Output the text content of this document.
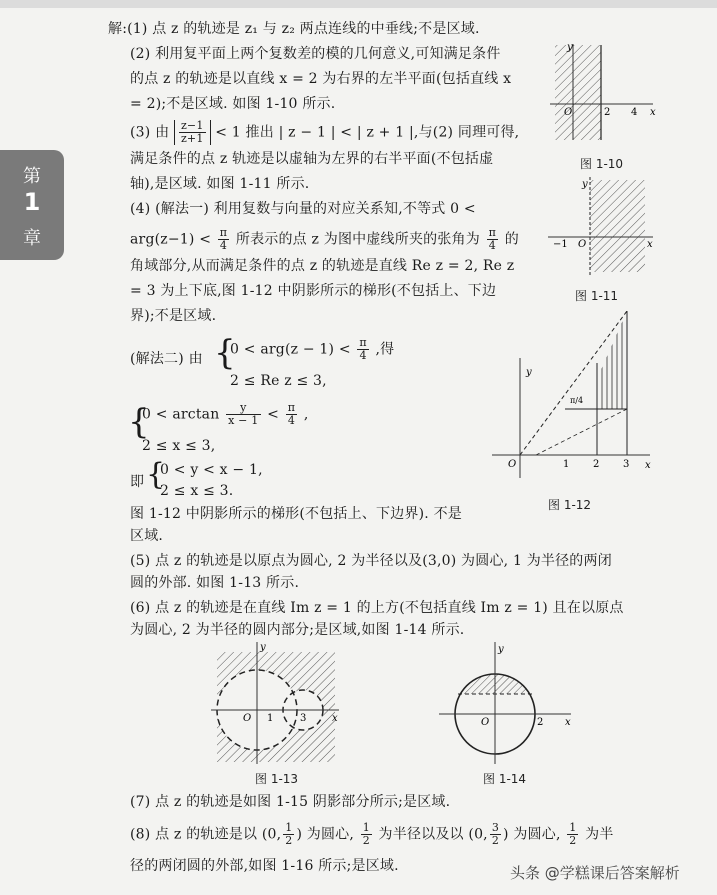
第
1
章
解:(1) 点 z 的轨迹是 z₁ 与 z₂ 两点连线的中垂线;不是区域.
(2) 利用复平面上两个复数差的模的几何意义,可知满足条件
的点 z 的轨迹是以直线 x = 2 为右界的左半平面(包括直线 x
= 2);不是区域. 如图 1-10 所示.
(3) 由 $\frac{z-1}{z+1} < 1$ 推出 | z − 1 | < | z + 1 |,与(2) 同理可得,
满足条件的点 z 轨迹是以虚轴为左界的右半平面(不包括虚
轴),是区域. 如图 1-11 所示.
(4) (解法一) 利用复数与向量的对应关系知,不等式 0 <
$arg(z-1) < \frac{\pi}{4}$ 所表示的点 z 为图中虚线所夹的张角为 $\frac{\pi}{4}$ 的
角域部分,从而满足条件的点 z 的轨迹是直线 Re z = 2, Re z
= 3 为上下底,图 1-12 中阴影所示的梯形(不包括上、下边
界);不是区域.
(解法二) 由 {
$0 < arg(z - 1) < \frac{\pi}{4}$ ,得
2 ≤ Re z ≤ 3,
{
$0 < \arctan \frac{y}{x - 1} < \frac{\pi}{4}$ ,
2 ≤ x ≤ 3,
即 {
0 < y < x − 1,
2 ≤ x ≤ 3.
图 1-12 中阴影所示的梯形(不包括上、下边界). 不是
区域.
(5) 点 z 的轨迹是以原点为圆心, 2 为半径以及(3,0) 为圆心, 1 为半径的两闭
圆的外部. 如图 1-13 所示.
(6) 点 z 的轨迹是在直线 Im z = 1 的上方(不包括直线 Im z = 1) 且在以原点
为圆心, 2 为半径的圆内部分;是区域,如图 1-14 所示.
(7) 点 z 的轨迹是如图 1-15 阴影部分所示;是区域.
(8) 点 z 的轨迹是以 (0, $\frac{1}{2}$ ) 为圆心, $\frac{1}{2}$ 为半径以及以 (0, $\frac{3}{2}$ ) 为圆心, $\frac{1}{2}$ 为半
径的两闭圆的外部,如图 1-16 所示;是区域.
y
x
O	2 4
图 1-10
y
x
−1 O
图 1-11
y
x
O	1 2 3
π/4
图 1-12
y
x
O 1	3
图 1-13
y
x
O	2
图 1-14
头条 @学糕课后答案解析
